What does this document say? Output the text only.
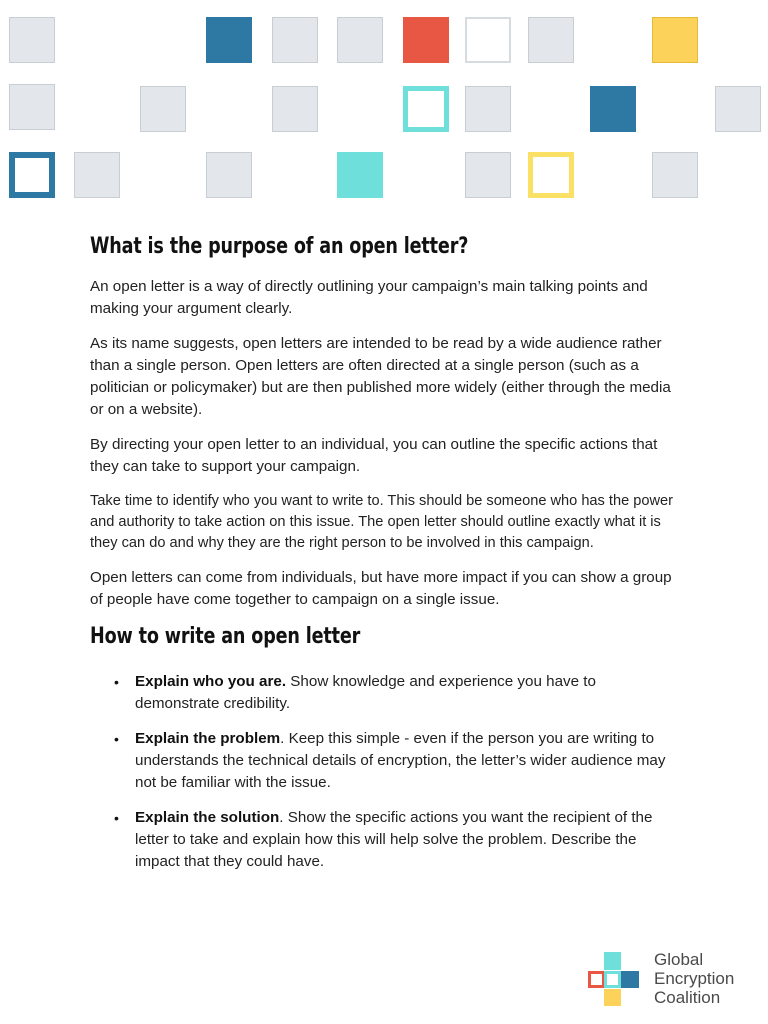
What is the purpose of an open letter?

An open letter is a way of directly outlining your campaign’s main talking points and making your argument clearly.

As its name suggests, open letters are intended to be read by a wide audience rather than a single person. Open letters are often directed at a single person (such as a politician or policymaker) but are then published more widely (either through the media or on a website).

By directing your open letter to an individual, you can outline the specific actions that they can take to support your campaign.

Take time to identify who you want to write to. This should be someone who has the power and authority to take action on this issue. The open letter should outline exactly what it is they can do and why they are the right person to be involved in this campaign.

Open letters can come from individuals, but have more impact if you can show a group of people have come together to campaign on a single issue.

How to write an open letter
• Explain who you are. Show knowledge and experience you have to demonstrate credibility.
• Explain the problem. Keep this simple - even if the person you are writing to understands the technical details of encryption, the letter’s wider audience may not be familiar with the issue.
• Explain the solution. Show the specific actions you want the recipient of the letter to take and explain how this will help solve the problem. Describe the impact that they could have.
Global
Encryption
Coalition
